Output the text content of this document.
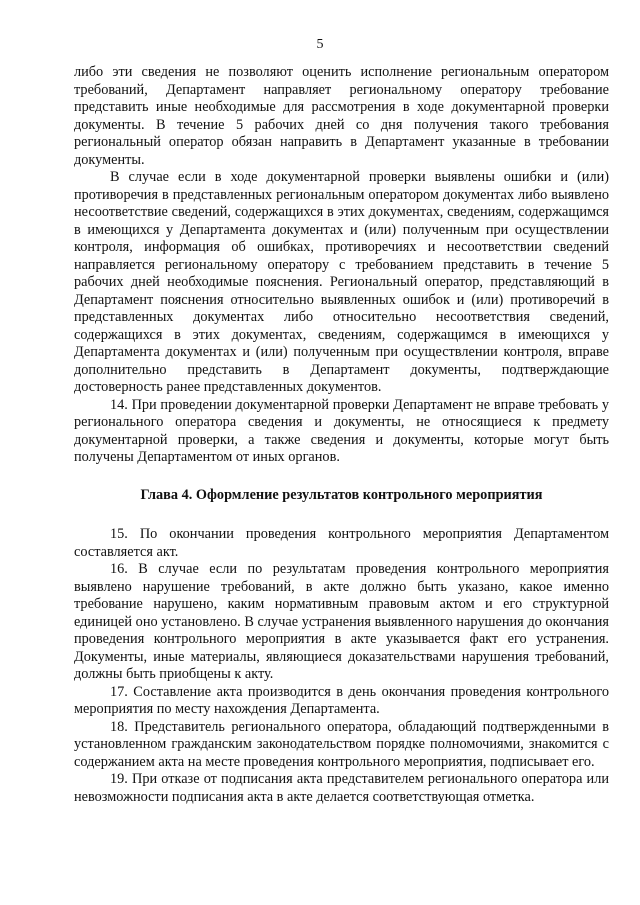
5

либо эти сведения не позволяют оценить исполнение региональным оператором требований, Департамент направляет региональному оператору требование представить иные необходимые для рассмотрения в ходе документарной проверки документы. В течение 5 рабочих дней со дня получения такого требования региональный оператор обязан направить в Департамент указанные в требовании документы.

В случае если в ходе документарной проверки выявлены ошибки и (или) противоречия в представленных региональным оператором документах либо выявлено несоответствие сведений, содержащихся в этих документах, сведениям, содержащимся в имеющихся у Департамента документах и (или) полученным при осуществлении контроля, информация об ошибках, противоречиях и несоответствии сведений направляется региональному оператору с требованием представить в течение 5 рабочих дней необходимые пояснения. Региональный оператор, представляющий в Департамент пояснения относительно выявленных ошибок и (или) противоречий в представленных документах либо относительно несоответствия сведений, содержащихся в этих документах, сведениям, содержащимся в имеющихся у Департамента документах и (или) полученным при осуществлении контроля, вправе дополнительно представить в Департамент документы, подтверждающие достоверность ранее представленных документов.

14. При проведении документарной проверки Департамент не вправе требовать у регионального оператора сведения и документы, не относящиеся к предмету документарной проверки, а также сведения и документы, которые могут быть получены Департаментом от иных органов.

Глава 4. Оформление результатов контрольного мероприятия

15. По окончании проведения контрольного мероприятия Департаментом составляется акт.

16. В случае если по результатам проведения контрольного мероприятия выявлено нарушение требований, в акте должно быть указано, какое именно требование нарушено, каким нормативным правовым актом и его структурной единицей оно установлено. В случае устранения выявленного нарушения до окончания проведения контрольного мероприятия в акте указывается факт его устранения. Документы, иные материалы, являющиеся доказательствами нарушения требований, должны быть приобщены к акту.

17. Составление акта производится в день окончания проведения контрольного мероприятия по месту нахождения Департамента.

18. Представитель регионального оператора, обладающий подтвержденными в установленном гражданским законодательством порядке полномочиями, знакомится с содержанием акта на месте проведения контрольного мероприятия, подписывает его.

19. При отказе от подписания акта представителем регионального оператора или невозможности подписания акта в акте делается соответствующая отметка.
